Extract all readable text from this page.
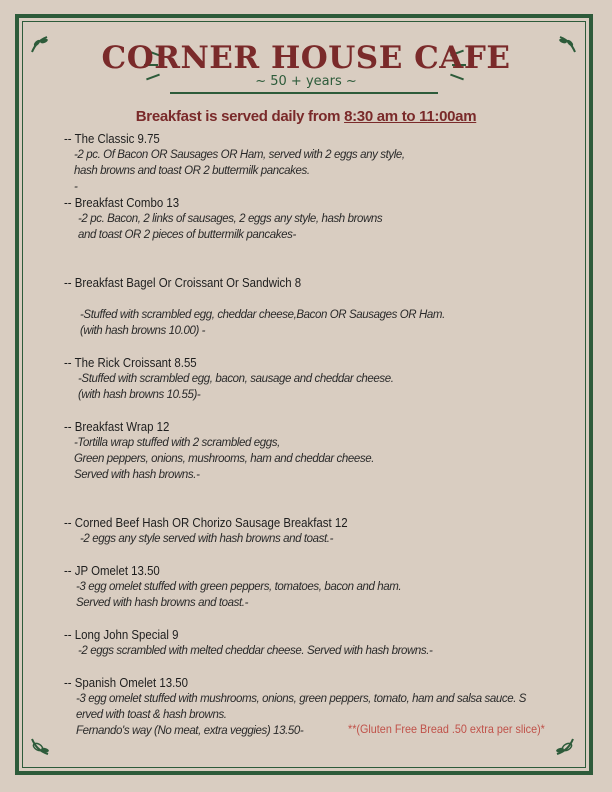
CORNER HOUSE CAFE
~ 50 + years ~
Breakfast is served daily from 8:30 am to 11:00am
-- The Classic 9.75
-2 pc. Of Bacon OR Sausages OR Ham, served with 2 eggs any style,
hash browns and toast OR 2 buttermilk pancakes.
-
-- Breakfast Combo 13
-2 pc. Bacon, 2 links of sausages, 2 eggs any style, hash browns
and toast OR 2 pieces of buttermilk pancakes-
-- Breakfast Bagel Or Croissant Or Sandwich 8
-Stuffed with scrambled egg, cheddar cheese,Bacon OR Sausages OR Ham.
(with hash browns 10.00) -
-- The Rick Croissant 8.55
-Stuffed with scrambled egg, bacon, sausage and cheddar cheese.
(with hash browns 10.55)-
-- Breakfast Wrap 12
-Tortilla wrap stuffed with 2 scrambled eggs,
Green peppers, onions, mushrooms, ham and cheddar cheese.
Served with hash browns.-
-- Corned Beef Hash OR Chorizo Sausage Breakfast 12
-2 eggs any style served with hash browns and toast.-
-- JP Omelet 13.50
-3 egg omelet stuffed with green peppers, tomatoes, bacon and ham.
Served with hash browns and toast.-
-- Long John Special 9
-2 eggs scrambled with melted cheddar cheese. Served with hash browns.-
-- Spanish Omelet 13.50
-3 egg omelet stuffed with mushrooms, onions, green peppers, tomato, ham and salsa sauce. S
erved with toast & hash browns.
Fernando's way (No meat, extra veggies) 13.50-	**(Gluten Free Bread .50 extra per slice)*
